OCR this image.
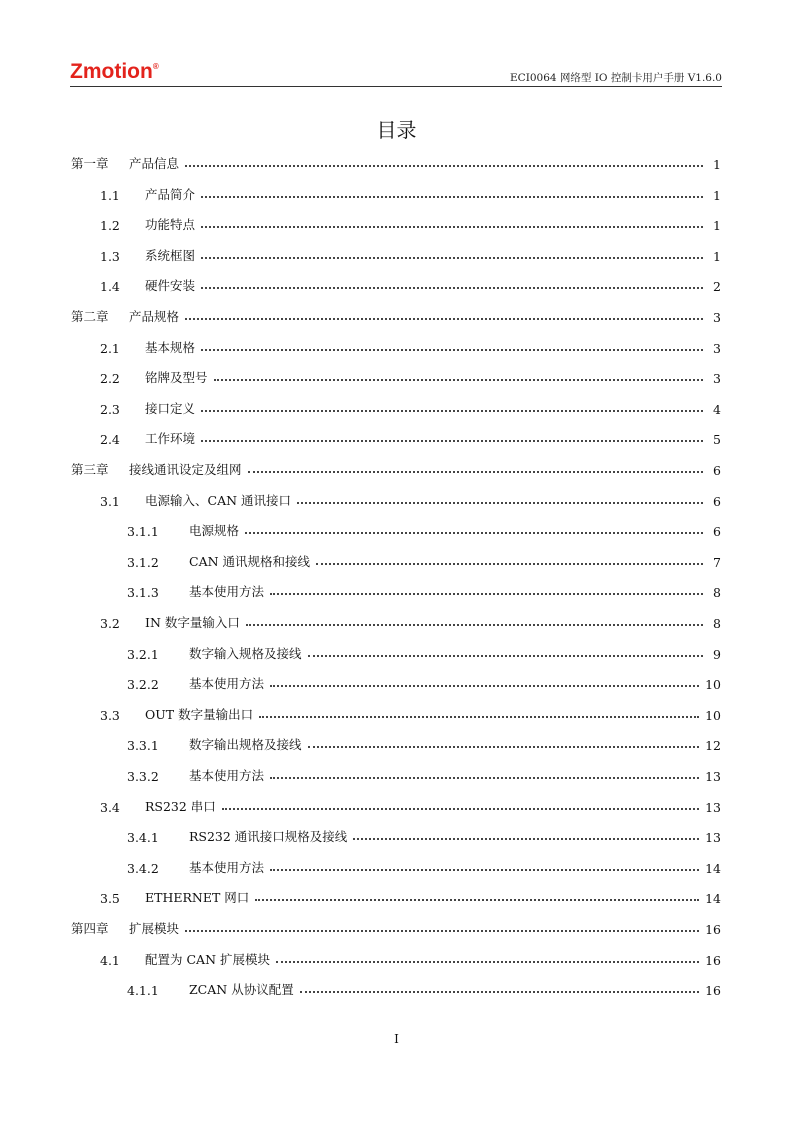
Zmotion®
ECI0064 网络型 IO 控制卡用户手册 V1.6.0
目录
第一章	产品信息	1
1.1	产品简介	1
1.2	功能特点	1
1.3	系统框图	1
1.4	硬件安装	2
第二章	产品规格	3
2.1	基本规格	3
2.2	铭牌及型号	3
2.3	接口定义	4
2.4	工作环境	5
第三章	接线通讯设定及组网	6
3.1	电源输入、CAN 通讯接口	6
3.1.1	电源规格	6
3.1.2	CAN 通讯规格和接线	7
3.1.3	基本使用方法	8
3.2	IN 数字量输入口	8
3.2.1	数字输入规格及接线	9
3.2.2	基本使用方法	10
3.3	OUT 数字量输出口	10
3.3.1	数字输出规格及接线	12
3.3.2	基本使用方法	13
3.4	RS232 串口	13
3.4.1	RS232 通讯接口规格及接线	13
3.4.2	基本使用方法	14
3.5	ETHERNET 网口	14
第四章	扩展模块	16
4.1	配置为 CAN 扩展模块	16
4.1.1	ZCAN 从协议配置	16
I
